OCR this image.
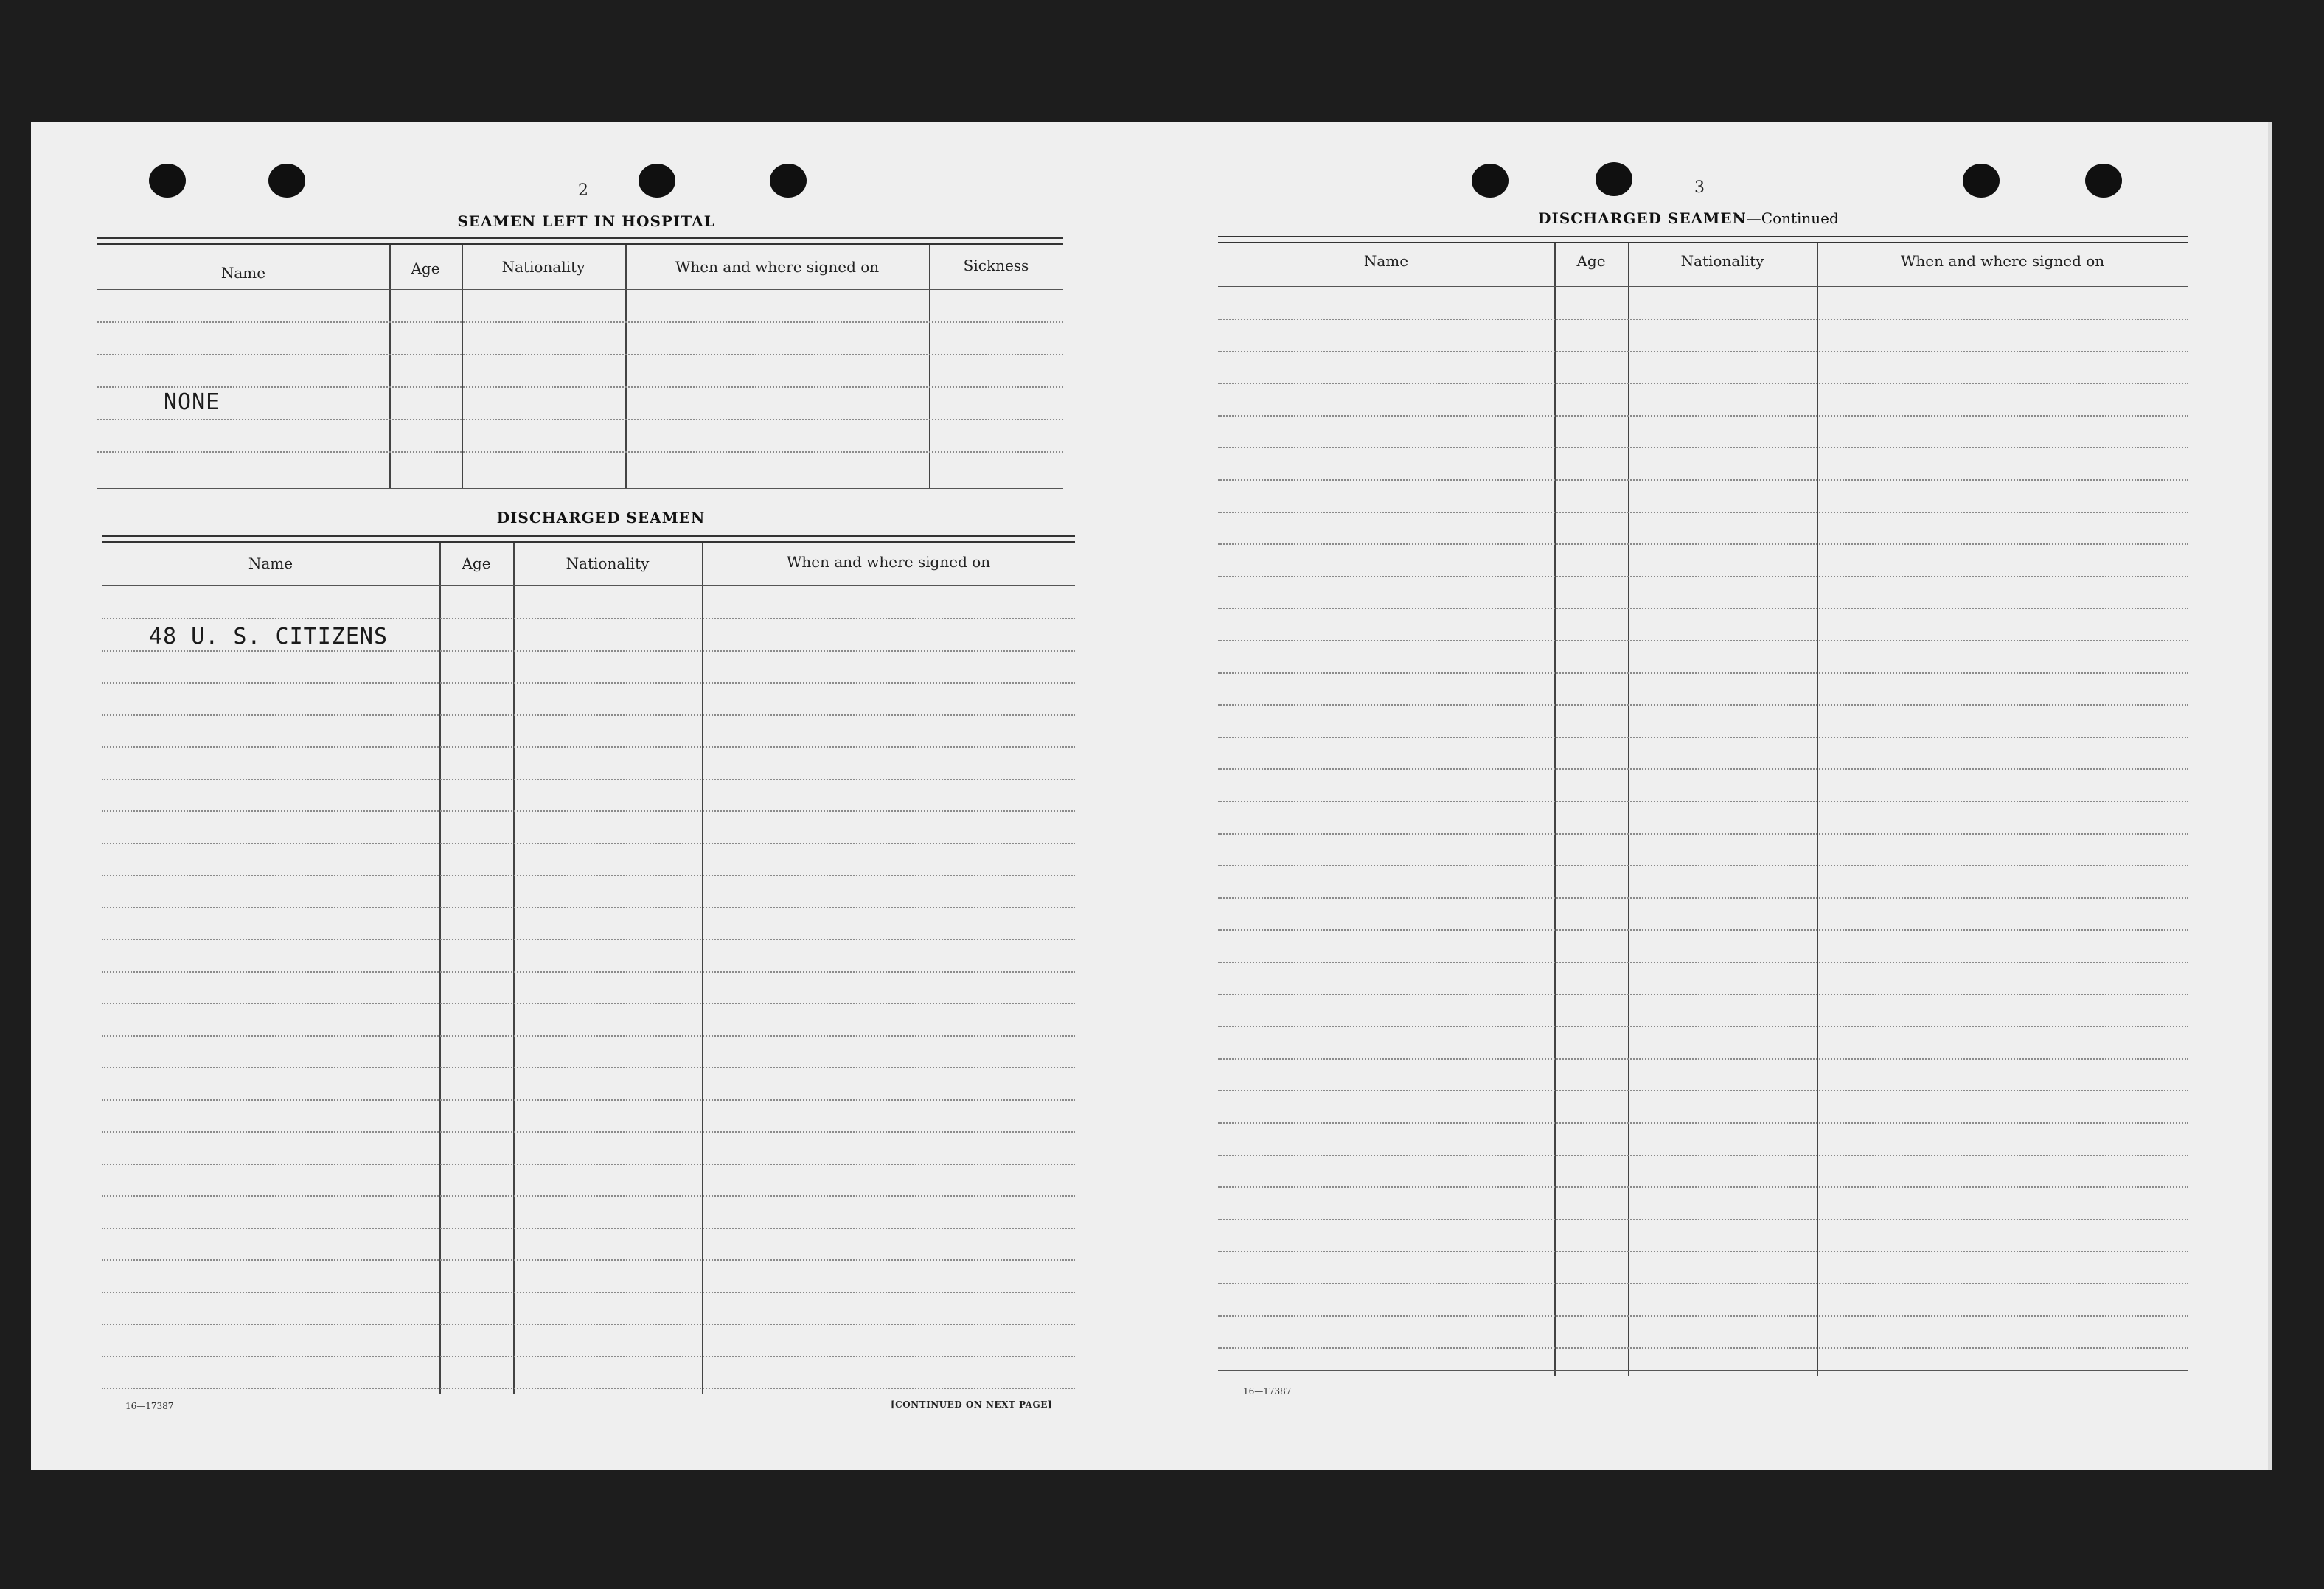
2
SEAMEN LEFT IN HOSPITAL
Name	Age	Nationality	When and where signed on	Sickness
NONE
DISCHARGED SEAMEN
Name	Age	Nationality	When and where signed on
48 U. S. CITIZENS
16—17387	[CONTINUED ON NEXT PAGE]
3
DISCHARGED SEAMEN—Continued
Name	Age	Nationality	When and where signed on
16—17387
